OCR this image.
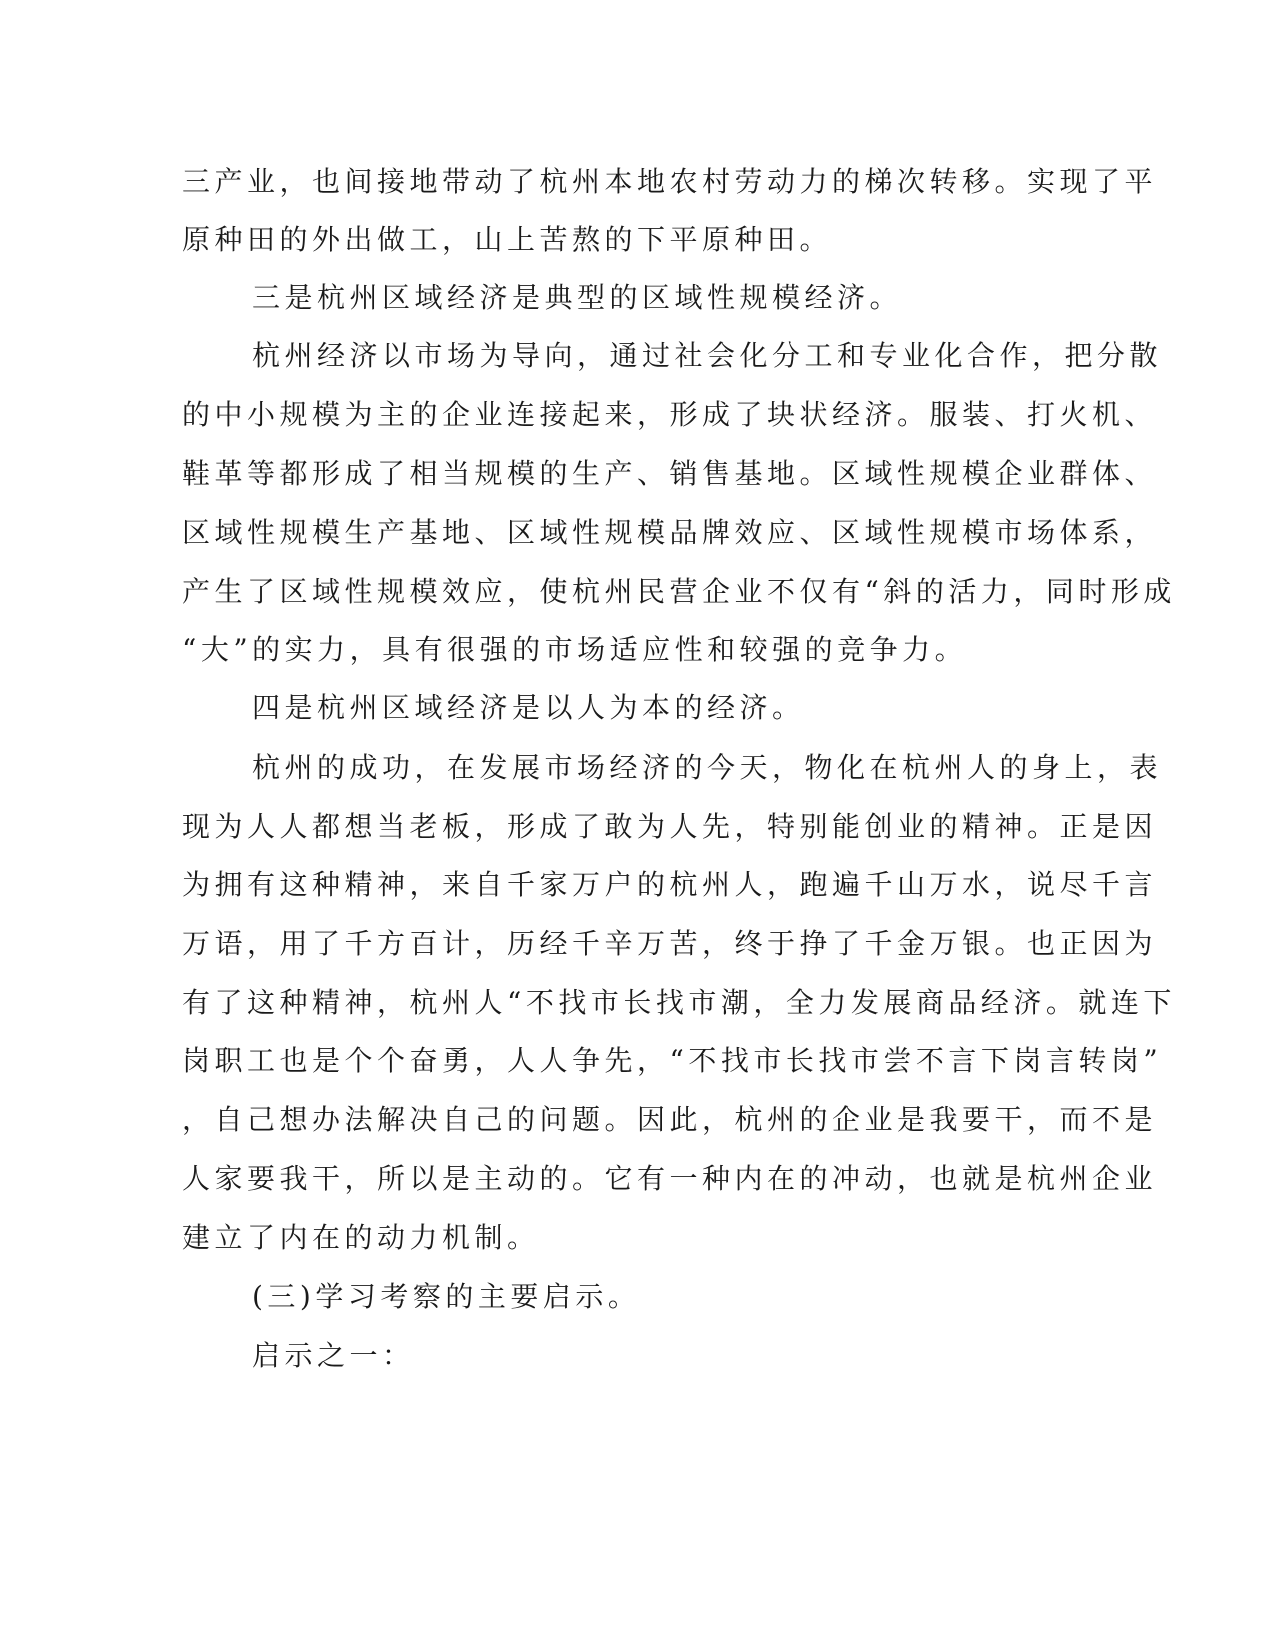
三产业，也间接地带动了杭州本地农村劳动力的梯次转移。实现了平
原种田的外出做工，山上苦熬的下平原种田。
三是杭州区域经济是典型的区域性规模经济。
杭州经济以市场为导向，通过社会化分工和专业化合作，把分散
的中小规模为主的企业连接起来，形成了块状经济。服装、打火机、
鞋革等都形成了相当规模的生产、销售基地。区域性规模企业群体、
区域性规模生产基地、区域性规模品牌效应、区域性规模市场体系，
产生了区域性规模效应，使杭州民营企业不仅有“斜的活力，同时形成
“大”的实力，具有很强的市场适应性和较强的竞争力。
四是杭州区域经济是以人为本的经济。
杭州的成功，在发展市场经济的今天，物化在杭州人的身上，表
现为人人都想当老板，形成了敢为人先，特别能创业的精神。正是因
为拥有这种精神，来自千家万户的杭州人，跑遍千山万水，说尽千言
万语，用了千方百计，历经千辛万苦，终于挣了千金万银。也正因为
有了这种精神，杭州人“不找市长找市潮，全力发展商品经济。就连下
岗职工也是个个奋勇，人人争先，“不找市长找市尝不言下岗言转岗”
，自己想办法解决自己的问题。因此，杭州的企业是我要干，而不是
人家要我干，所以是主动的。它有一种内在的冲动，也就是杭州企业
建立了内在的动力机制。
(三)学习考察的主要启示。
启示之一：
